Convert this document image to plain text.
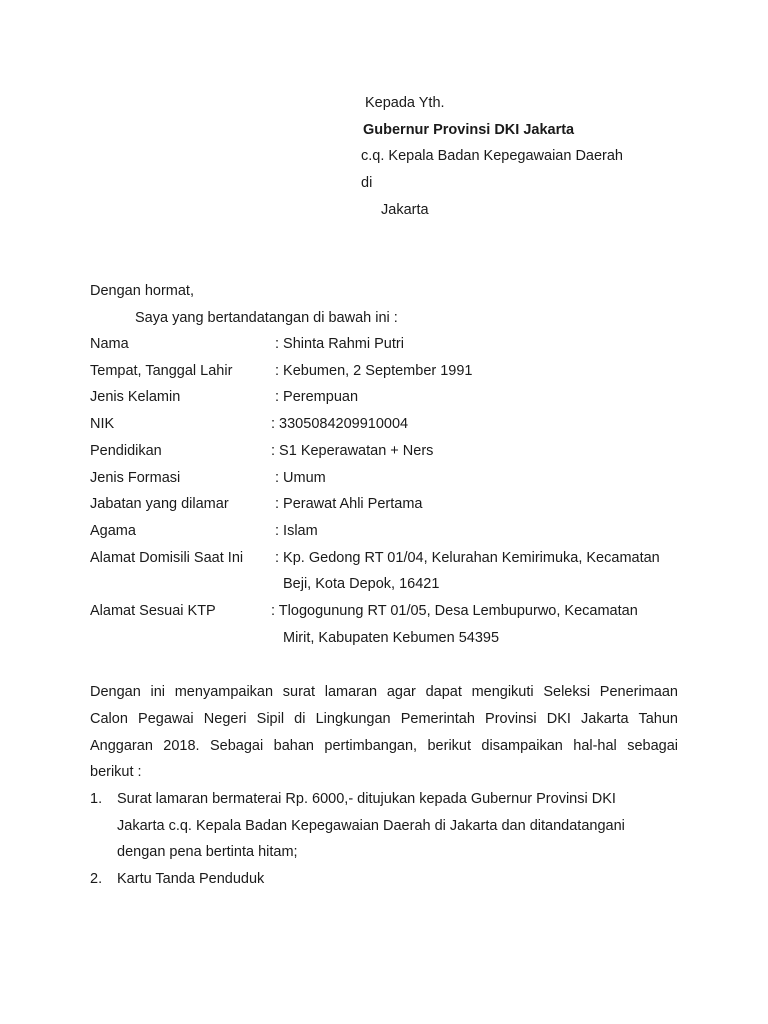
Kepada Yth.
Gubernur Provinsi DKI Jakarta
c.q. Kepala Badan Kepegawaian Daerah
di
Jakarta
Dengan hormat,
Saya yang bertandatangan di bawah ini :
Nama	: Shinta Rahmi Putri
Tempat, Tanggal Lahir	: Kebumen, 2 September 1991
Jenis Kelamin	: Perempuan
NIK	: 3305084209910004
Pendidikan	: S1 Keperawatan + Ners
Jenis Formasi	: Umum
Jabatan yang dilamar	: Perawat Ahli Pertama
Agama	: Islam
Alamat Domisili Saat Ini : Kp. Gedong RT 01/04, Kelurahan Kemirimuka, Kecamatan
Beji, Kota Depok, 16421
Alamat Sesuai KTP	: Tlogogunung RT 01/05, Desa Lembupurwo, Kecamatan
Mirit, Kabupaten Kebumen 54395
Dengan ini menyampaikan surat lamaran agar dapat mengikuti Seleksi Penerimaan
Calon Pegawai Negeri Sipil di Lingkungan Pemerintah Provinsi DKI Jakarta Tahun
Anggaran 2018. Sebagai bahan pertimbangan, berikut disampaikan hal-hal sebagai
berikut :
1. Surat lamaran bermaterai Rp. 6000,- ditujukan kepada Gubernur Provinsi DKI
Jakarta c.q. Kepala Badan Kepegawaian Daerah di Jakarta dan ditandatangani
dengan pena bertinta hitam;
2. Kartu Tanda Penduduk
